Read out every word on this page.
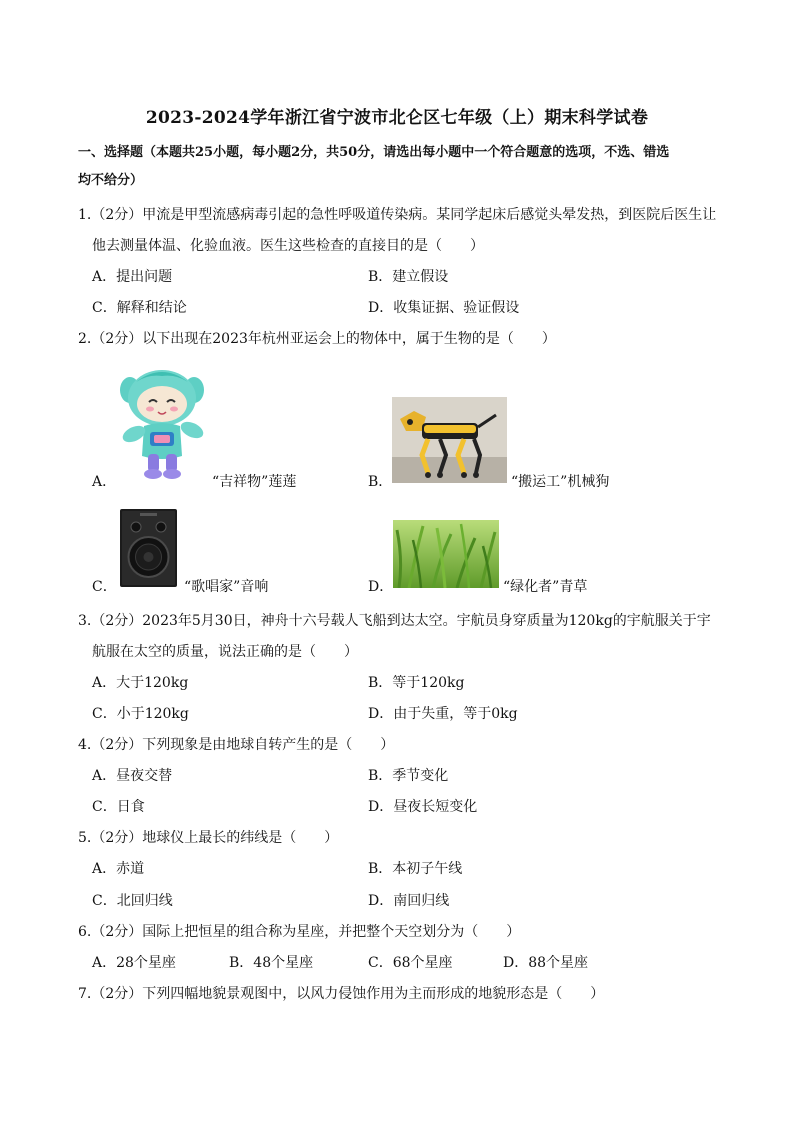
2023-2024学年浙江省宁波市北仑区七年级（上）期末科学试卷
一、选择题（本题共25小题，每小题2分，共50分，请选出每小题中一个符合题意的选项，不选、错选
均不给分）
1.（2分）甲流是甲型流感病毒引起的急性呼吸道传染病。某同学起床后感觉头晕发热，到医院后医生让
他去测量体温、化验血液。医生这些检查的直接目的是（　　）
A．提出问题	B．建立假设
C．解释和结论	D．收集证据、验证假设
2.（2分）以下出现在2023年杭州亚运会上的物体中，属于生物的是（　　）
A．	“吉祥物”莲莲	B．	“搬运工”机械狗
C．	“歌唱家”音响	D．	“绿化者”青草
3.（2分）2023年5月30日，神舟十六号载人飞船到达太空。宇航员身穿质量为120kg的宇航服关于宇
航服在太空的质量，说法正确的是（　　）
A．大于120kg	B．等于120kg
C．小于120kg	D．由于失重，等于0kg
4.（2分）下列现象是由地球自转产生的是（　　）
A．昼夜交替	B．季节变化
C．日食	D．昼夜长短变化
5.（2分）地球仪上最长的纬线是（　　）
A．赤道	B．本初子午线
C．北回归线	D．南回归线
6.（2分）国际上把恒星的组合称为星座，并把整个天空划分为（　　）
A．28个星座	B．48个星座	C．68个星座	D．88个星座
7.（2分）下列四幅地貌景观图中，以风力侵蚀作用为主而形成的地貌形态是（　　）
